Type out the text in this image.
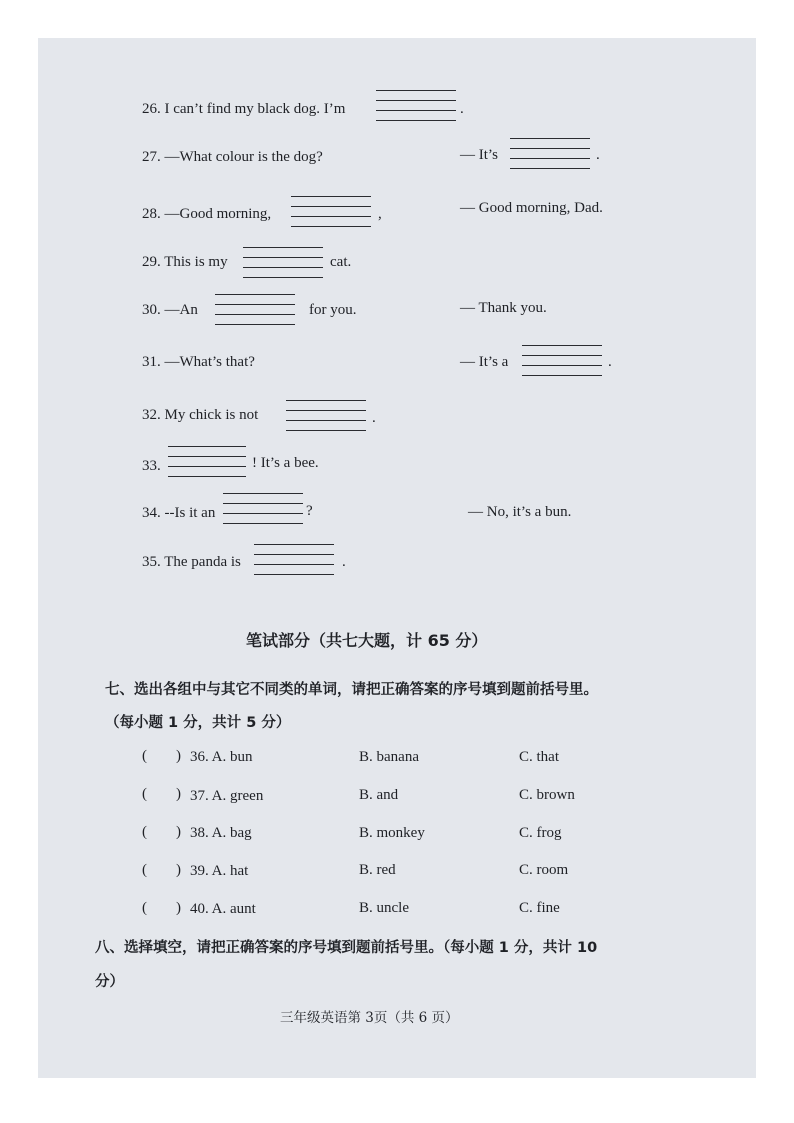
26. I can’t find my black dog. I’m	.
27. —What colour is the dog?	— It’s	.
28. —Good morning,	,	— Good morning, Dad.
29. This is my	cat.
30. —An	for you.	— Thank you.
31. —What’s that?	— It’s a	.
32. My chick is not	.
33.	! It’s a bee.
34. --Is it an	?	— No, it’s a bun.
35. The panda is	.
笔试部分（共七大题，计 65 分）
七、选出各组中与其它不同类的单词，请把正确答案的序号填到题前括号里。
（每小题 1 分，共计 5 分）
( ) 36. A. bun	B. banana	C. that
( ) 37. A. green	B. and	C. brown
( ) 38. A. bag	B. monkey	C. frog
( ) 39. A. hat	B. red	C. room
( ) 40. A. aunt	B. uncle	C. fine
八、选择填空，请把正确答案的序号填到题前括号里。（每小题 1 分，共计 10
分）
三年级英语第 3页（共 6 页）
